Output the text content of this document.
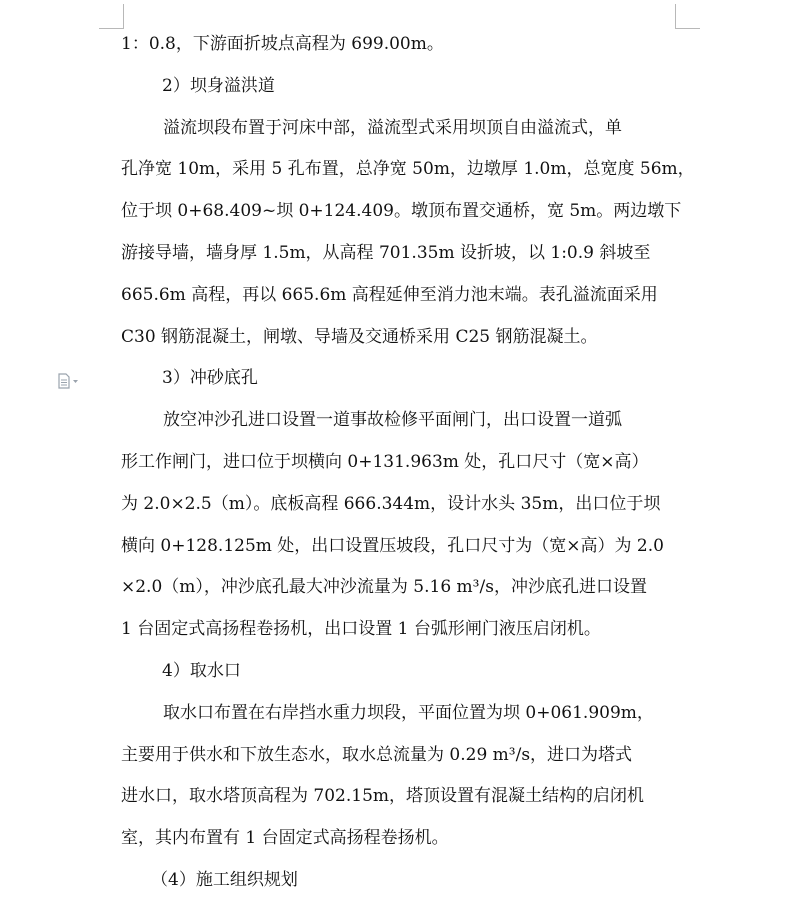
1：0.8，下游面折坡点高程为 699.00m。
2）坝身溢洪道
溢流坝段布置于河床中部，溢流型式采用坝顶自由溢流式，单
孔净宽 10m，采用 5 孔布置，总净宽 50m，边墩厚 1.0m，总宽度 56m，
位于坝 0+68.409~坝 0+124.409。墩顶布置交通桥，宽 5m。两边墩下
游接导墙，墙身厚 1.5m，从高程 701.35m 设折坡，以 1:0.9 斜坡至
665.6m 高程，再以 665.6m 高程延伸至消力池末端。表孔溢流面采用
C30 钢筋混凝土，闸墩、导墙及交通桥采用 C25 钢筋混凝土。
3）冲砂底孔
放空冲沙孔进口设置一道事故检修平面闸门，出口设置一道弧
形工作闸门，进口位于坝横向 0+131.963m 处，孔口尺寸（宽×高）
为 2.0×2.5（m）。底板高程 666.344m，设计水头 35m，出口位于坝
横向 0+128.125m 处，出口设置压坡段，孔口尺寸为（宽×高）为 2.0
×2.0（m），冲沙底孔最大冲沙流量为 5.16 m³/s，冲沙底孔进口设置
1 台固定式高扬程卷扬机，出口设置 1 台弧形闸门液压启闭机。
4）取水口
取水口布置在右岸挡水重力坝段，平面位置为坝 0+061.909m，
主要用于供水和下放生态水，取水总流量为 0.29 m³/s，进口为塔式
进水口，取水塔顶高程为 702.15m，塔顶设置有混凝土结构的启闭机
室，其内布置有 1 台固定式高扬程卷扬机。
（4）施工组织规划
